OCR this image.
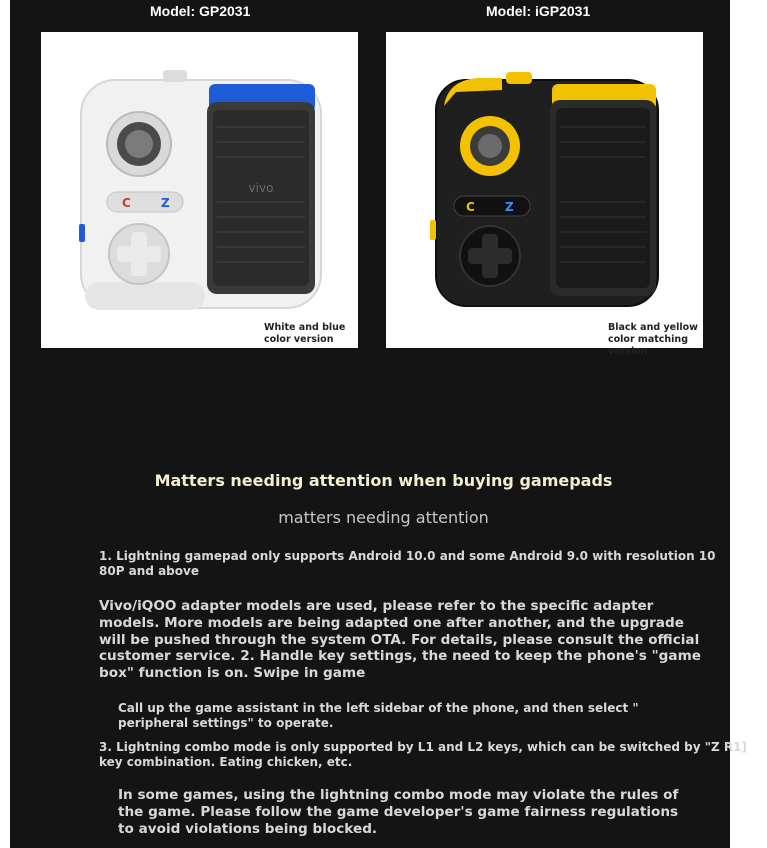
Model: GP2031	Model: iGP2031
vivo
C	Z
White and blue
color version
C	Z
Black and yellow
color matching
version
Matters needing attention when buying gamepads
matters needing attention
1. Lightning gamepad only supports Android 10.0 and some Android 9.0 with resolution 10
80P and above
Vivo/iQOO adapter models are used, please refer to the specific adapter
models. More models are being adapted one after another, and the upgrade
will be pushed through the system OTA. For details, please consult the official
customer service. 2. Handle key settings, the need to keep the phone's "game
box" function is on. Swipe in game
Call up the game assistant in the left sidebar of the phone, and then select "
peripheral settings" to operate.
3. Lightning combo mode is only supported by L1 and L2 keys, which can be switched by "Z R1]
key combination. Eating chicken, etc.
In some games, using the lightning combo mode may violate the rules of
the game. Please follow the game developer's game fairness regulations
to avoid violations being blocked.
